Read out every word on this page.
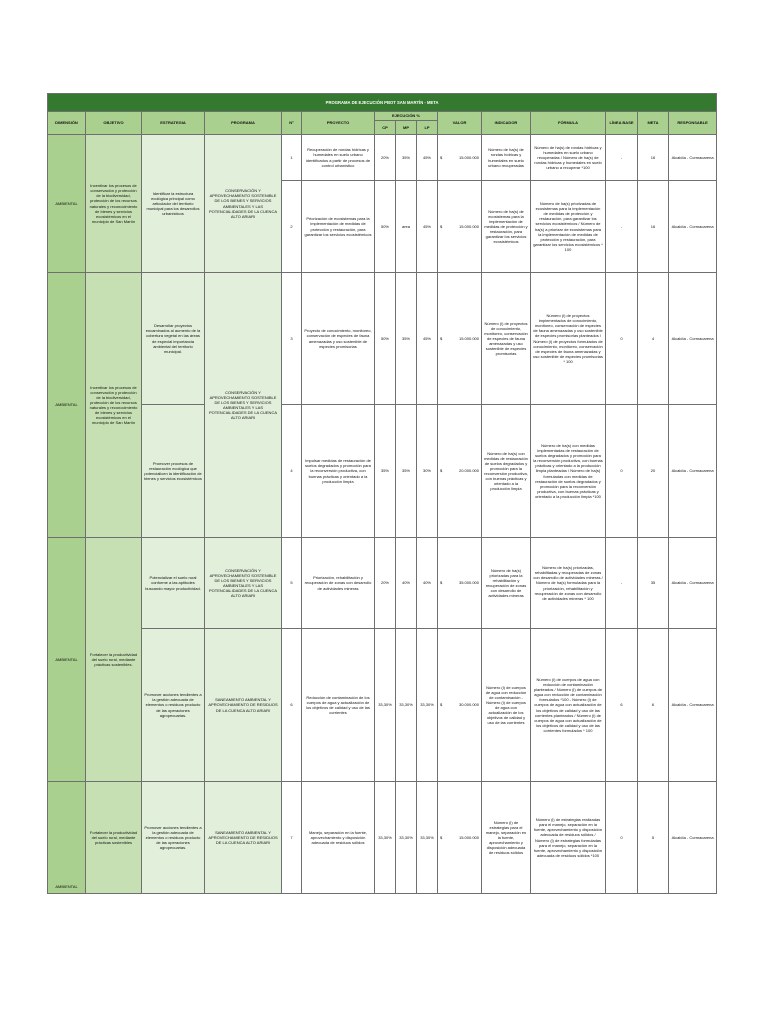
PROGRAMA DE EJECUCIÓN PBOT SAN MARTÍN - META														
DIMENSIÓN	OBJETIVO	ESTRATEGIA	PROGRAMA	N°	PROYECTO	EJECUCIÓN %			VALOR	INDICADOR	FÓRMULA	LÍNEA BASE	META	RESPONSABLE
						CP	MP	LP						
AMBIENTAL	Incentivar los procesos de conservación y protección de la biodiversidad, protección de los recursos naturales y reconocimiento de bienes y servicios ecosistémicos en el municipio de San Martín	Identificar la estructura ecológica principal como articulador del territorio municipal para los desarrollos urbanísticos	CONSERVACIÓN Y APROVECHAMIENTO SOSTENIBLE DE LOS BIENES Y SERVICIOS AMBIENTALES Y LAS POTENCIALIDADES DE LA CUENCA ALTO ARIARI	1	Recuperación de rondas hídricas y humedales en suelo urbano identificados a partir de procesos de control urbanístico	20%	35%	45%	$ 15.000.000	Número de ha(s) de rondas hídricas y humedales en suelo urbano recuperadas	Número de ha(s) de rondas hídricas y humedales en suelo urbano recuperadas / Número de ha(s) de rondas hídricas y humedales en suelo urbano a recuperar *100	-	16	Alcaldía - Cormacarena
				2	Priorización de ecosistemas para la implementación de medidas de protección y restauración, para garantizar los servicios ecosistémicos	50%	area	45%	$ 15.000.000	Número de ha(s) de ecosistemas para la implementación de medidas de protección y restauración, para garantizar los servicios ecosistémicos	Número de ha(s) priorizadas de ecosistemas para la implementación de medidas de protección y restauración, para garantizar los servicios ecosistémicos / Número de ha(s) a priorizar de ecosistemas para la implementación de medidas de protección y restauración, para garantizar los servicios ecosistémicos * 100	-	16	Alcaldía - Cormacarena
AMBIENTAL	Incentivar los procesos de conservación y protección de la biodiversidad, protección de los recursos naturales y reconocimiento de bienes y servicios ecosistémicos en el municipio de San Martín	Desarrollar proyectos encaminados al aumento de la cobertura vegetal en las áreas de especial importancia ambiental del territorio municipal.	CONSERVACIÓN Y APROVECHAMIENTO SOSTENIBLE DE LOS BIENES Y SERVICIOS AMBIENTALES Y LAS POTENCIALIDADES DE LA CUENCA ALTO ARIARI	3	Proyecto de conocimiento, monitoreo, conservación de especies de fauna amenazadas y uso sostenible de especies promisorias	50%	35%	45%	$ 15.000.000	Número (i) de proyectos de conocimiento, monitoreo, conservación de especies de fauna amenazadas y uso sostenible de especies promisorias	Número (i) de proyectos implementados de conocimiento, monitoreo, conservación de especies de fauna amenazadas y uso sostenible de especies promisorias planteados / Número (i) de proyectos formulados de conocimiento, monitoreo, conservación de especies de fauna amenazadas y uso sostenible de especies promisorias * 100	0	4	Alcaldía - Cormacarena
		Promover procesos de restauración ecológica que potencialicen la identificación de bienes y servicios ecosistémicos		4	Impulsar medidas de restauración de suelos degradados y promoción para la reconversión productiva, con buenas prácticas y orientado a la producción limpia	35%	35%	30%	$ 20.000.000	Número de ha(s) con medidas de restauración de suelos degradados y promoción para la reconversión productiva, con buenas prácticas y orientado a la producción limpia	Número de ha(s) con medidas implementadas de restauración de suelos degradados y promoción para la reconversión productiva, con buenas prácticas y orientado a la producción limpia planteadas / Número de ha(s) formuladas con medidas de restauración de suelos degradados y promoción para la reconversión productiva, con buenas prácticas y orientado a la producción limpia *100	0	20	Alcaldía - Cormacarena
AMBIENTAL	Fortalecer la productividad del suelo rural, mediante prácticas sostenibles.	Potencializar el suelo rural conforme a las aptitudes buscando mayor productividad.	CONSERVACIÓN Y APROVECHAMIENTO SOSTENIBLE DE LOS BIENES Y SERVICIOS AMBIENTALES Y LAS POTENCIALIDADES DE LA CUENCA ALTO ARIARI	5	Priorización, rehabilitación y recuperación de zonas con desarrollo de actividades mineras	20%	40%	40%	$ 35.000.000	Número de ha(s) priorizadas para la rehabilitación y recuperación de zonas con desarrollo de actividades mineras	Número de ha(s) priorizadas, rehabilitadas y recuperadas de zonas con desarrollo de actividades mineras / Número de ha(s) formuladas para la priorización, rehabilitación y recuperación de zonas con desarrollo de actividades mineras * 100	-	35	Alcaldía - Cormacarena
		Promover acciones tendientes a la gestión adecuada de elementos o residuos producto de las operaciones agropecuarias.	SANEAMIENTO AMBIENTAL Y APROVECHAMIENTO DE RESIDUOS DE LA CUENCA ALTO ARIARI	6	Reducción de contaminación de los cuerpos de agua y actualización de los objetivos de calidad y uso de las corrientes	33,30%	33,30%	33,30%	$ 30.000.000	Número (i) de cuerpos de agua con reducción de contaminación - Número (i) de cuerpos de agua con actualización de los objetivos de calidad y uso de las corrientes	Número (i) de cuerpos de agua con reducción de contaminación planteados / Número (i) de cuerpos de agua con reducción de contaminación formulados *100 - Número (i) de cuerpos de agua con actualización de los objetivos de calidad y uso de las corrientes planteados / Número (i) de cuerpos de agua con actualización de los objetivos de calidad y uso de las corrientes formulados * 100	6	6	Alcaldía - Cormacarena
AMBIENTAL	Fortalecer la productividad del suelo rural, mediante prácticas sostenibles	Promover acciones tendientes a la gestión adecuada de elementos o residuos producto de las operaciones agropecuarias.	SANEAMIENTO AMBIENTAL Y APROVECHAMIENTO DE RESIDUOS DE LA CUENCA ALTO ARIARI	7	Manejo, separación en la fuente, aprovechamiento y disposición adecuada de residuos sólidos	33,30%	33,30%	33,30%	$ 15.000.000	Número (i) de estrategias para el manejo, separación en la fuente, aprovechamiento y disposición adecuada de residuos sólidos	Número (i) de estrategias realizadas para el manejo, separación en la fuente, aprovechamiento y disposición adecuada de residuos sólidos / Número (i) de estrategias formuladas para el manejo, separación en la fuente, aprovechamiento y disposición adecuada de residuos sólidos *100	0	5	Alcaldía - Cormacarena
